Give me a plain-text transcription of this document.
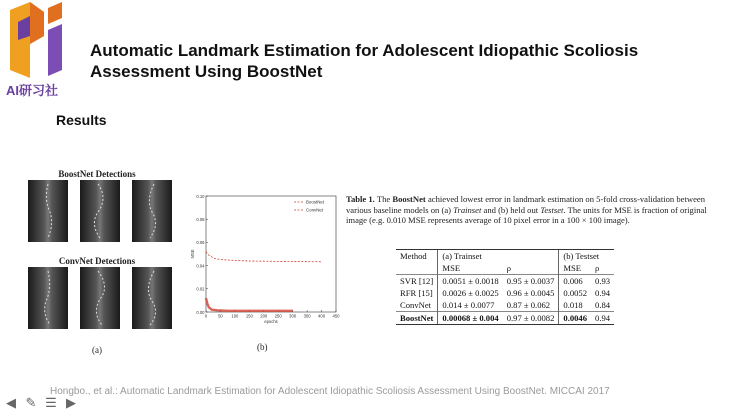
AI研习社
Automatic Landmark Estimation for Adolescent Idiopathic Scoliosis Assessment Using BoostNet
Results
BoostNet Detections
ConvNet Detections
(a)
0.00
0.02
0.04
0.06
0.08
0.10
0	50 100 150 200 250 300 350 400 450
epochs
MSE
BoostNet
ConvNet
(b)
Table 1. The BoostNet achieved lowest error in landmark estimation on 5-fold cross-validation between various baseline models on (a) Trainset and (b) held out Testset. The units for MSE is fraction of original image (e.g. 0.010 MSE represents average of 10 pixel error in a 100 × 100 image).
Method	(a) Trainset		(b) Testset	
	MSE	ρ	MSE	ρ
SVR [12]	0.0051 ± 0.0018	0.95 ± 0.0037	0.006	0.93
RFR [15]	0.0026 ± 0.0025	0.96 ± 0.0045	0.0052	0.94
ConvNet	0.014 ± 0.0077	0.87 ± 0.062	0.018	0.84
BoostNet	0.00068 ± 0.004	0.97 ± 0.0082	0.0046	0.94
Hongbo., et al.: Automatic Landmark Estimation for Adolescent Idiopathic Scoliosis Assessment Using BoostNet. MICCAI 2017
◀ ✎ ☰ ▶
